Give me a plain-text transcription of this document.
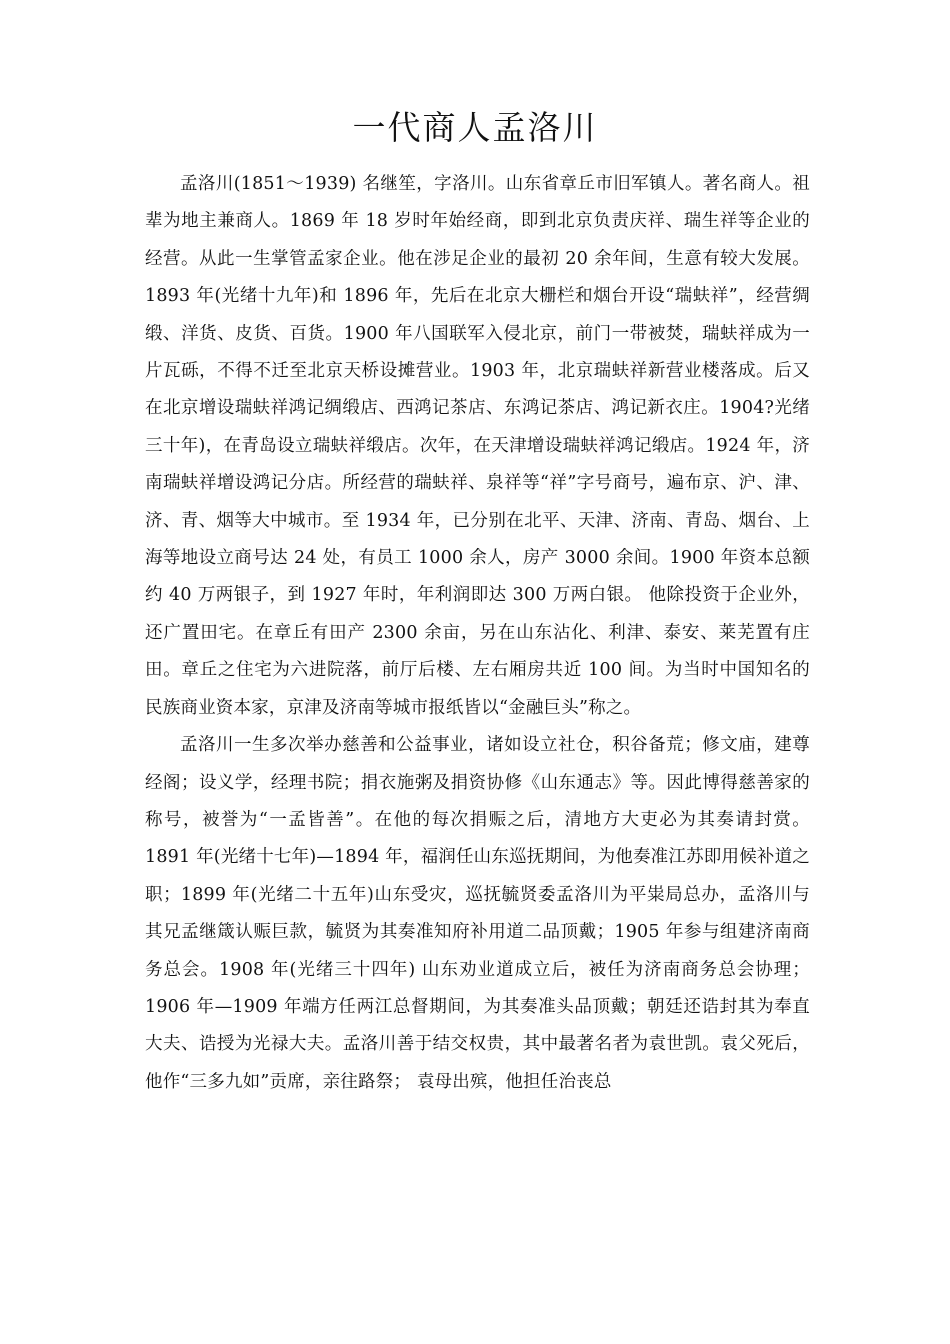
一代商人孟洛川

孟洛川(1851～1939) 名继笙，字洛川。山东省章丘市旧军镇人。著名商人。祖辈为地主兼商人。1869 年 18 岁时年始经商，即到北京负责庆祥、瑞生祥等企业的经营。从此一生掌管孟家企业。他在涉足企业的最初 20 余年间，生意有较大发展。1893 年(光绪十九年)和 1896 年，先后在北京大栅栏和烟台开设“瑞蚨祥”，经营绸缎、洋货、皮货、百货。1900 年八国联军入侵北京，前门一带被焚，瑞蚨祥成为一片瓦砾，不得不迁至北京天桥设摊营业。1903 年，北京瑞蚨祥新营业楼落成。后又在北京增设瑞蚨祥鸿记绸缎店、西鸿记茶店、东鸿记茶店、鸿记新衣庄。1904?光绪三十年)，在青岛设立瑞蚨祥缎店。次年，在天津增设瑞蚨祥鸿记缎店。1924 年，济南瑞蚨祥增设鸿记分店。所经营的瑞蚨祥、泉祥等“祥”字号商号，遍布京、沪、津、济、青、烟等大中城市。至 1934 年，已分别在北平、天津、济南、青岛、烟台、上海等地设立商号达 24 处，有员工 1000 余人，房产 3000 余间。1900 年资本总额约 40 万两银子，到 1927 年时，年利润即达 300 万两白银。 他除投资于企业外，还广置田宅。在章丘有田产 2300 余亩，另在山东沾化、利津、泰安、莱芜置有庄田。章丘之住宅为六进院落，前厅后楼、左右厢房共近 100 间。为当时中国知名的民族商业资本家，京津及济南等城市报纸皆以“金融巨头”称之。

孟洛川一生多次举办慈善和公益事业，诸如设立社仓，积谷备荒；修文庙，建尊经阁；设义学，经理书院；捐衣施粥及捐资协修《山东通志》等。因此博得慈善家的称号，被誉为“一孟皆善”。在他的每次捐赈之后，清地方大吏必为其奏请封赏。1891 年(光绪十七年)—1894 年，福润任山东巡抚期间，为他奏准江苏即用候补道之职；1899 年(光绪二十五年)山东受灾，巡抚毓贤委孟洛川为平粜局总办，孟洛川与其兄孟继箴认赈巨款，毓贤为其奏准知府补用道二品顶戴；1905 年参与组建济南商务总会。1908 年(光绪三十四年) 山东劝业道成立后，被任为济南商务总会协理；1906 年—1909 年端方任两江总督期间，为其奏准头品顶戴；朝廷还诰封其为奉直大夫、诰授为光禄大夫。孟洛川善于结交权贵，其中最著名者为袁世凯。袁父死后，他作“三多九如”贡席，亲往路祭； 袁母出殡，他担任治丧总
